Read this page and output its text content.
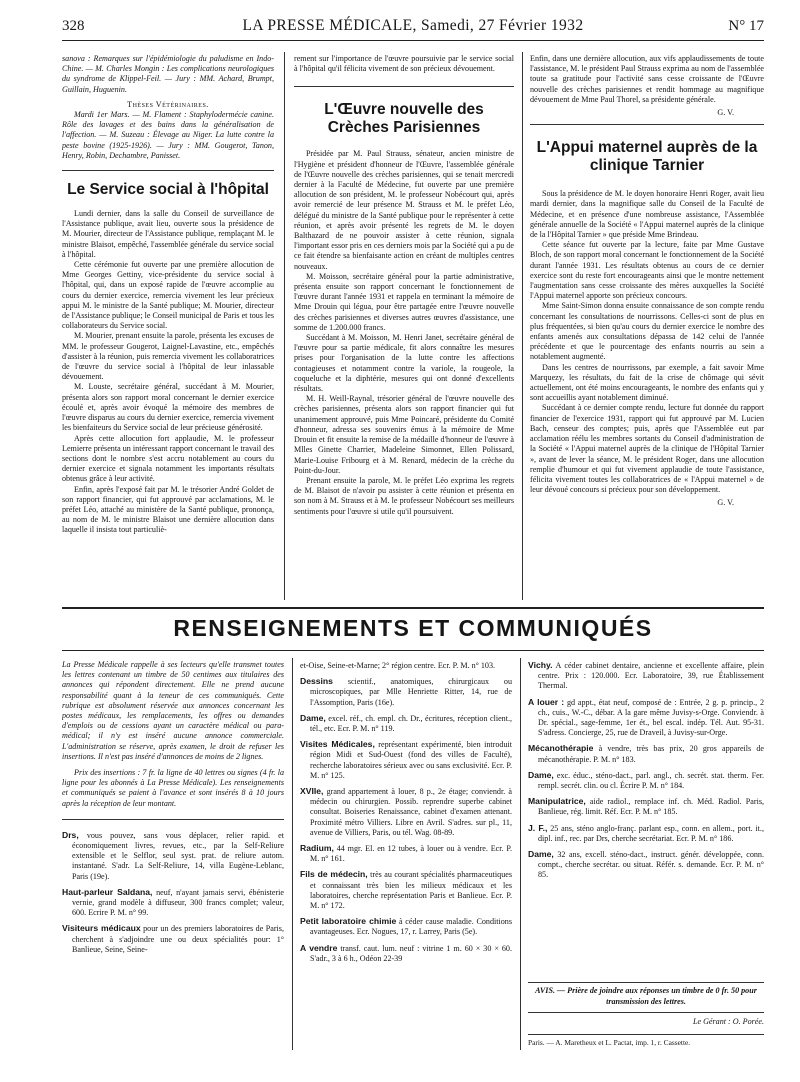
328	LA PRESSE MÉDICALE, Samedi, 27 Février 1932	N° 17

sanova : Remarques sur l'épidémiologie du paludisme en Indo-Chine. — M. Charles Mongin : Les complications neurologiques du syndrome de Klippel-Feil. — Jury : MM. Achard, Brumpt, Guillain, Huguenin.

Thèses Vétérinaires.

Mardi 1er Mars. — M. Flament : Staphylodermécie canine. Rôle des lavages et des bains dans la généralisation de l'affection. — M. Suzeau : Élevage au Niger. La lutte contre la peste bovine (1925-1926). — Jury : MM. Gougerot, Tanon, Henry, Robin, Dechambre, Panisset.

Le Service social à l'hôpital

Lundi dernier, dans la salle du Conseil de surveillance de l'Assistance publique, avait lieu, ouverte sous la présidence de M. Mourier, directeur de l'Assistance publique, remplaçant M. le ministre Blaisot, empêché, l'assemblée générale du service social à l'hôpital.

Cette cérémonie fut ouverte par une première allocution de Mme Georges Gettiny, vice-présidente du service social à l'hôpital, qui, dans un exposé rapide de l'œuvre accomplie au cours du dernier exercice, remercia vivement les leur précieux appui M. le ministre de la Santé publique; M. Mourier, directeur de l'Assistance publique; le Conseil municipal de Paris et tous les collaborateurs du Service social.

M. Mourier, prenant ensuite la parole, présenta les excuses de MM. le professeur Gougerot, Laignel-Lavastine, etc., empêchés d'assister à la réunion, puis remercia vivement les collaboratrices de l'œuvre du service social à l'hôpital de leur inlassable dévouement.

M. Louste, secrétaire général, succédant à M. Mourier, présenta alors son rapport moral concernant le dernier exercice écoulé et, après avoir évoqué la mémoire des membres de l'œuvre disparus au cours du dernier exercice, remercia vivement les bienfaiteurs du Service social de leur précieuse générosité.

Après cette allocution fort applaudie, M. le professeur Lemierre présenta un intéressant rapport concernant le travail des sections dont le nombre s'est accru notablement au cours du dernier exercice et signala notamment les importants résultats obtenus grâce à leur activité.

Enfin, après l'exposé fait par M. le trésorier André Goldet de son rapport financier, qui fut approuvé par acclamations, M. le préfet Léo, attaché au ministère de la Santé publique, prononça, au nom de M. le ministre Blaisot une dernière allocution dans laquelle il insista tout particuliè-

rement sur l'importance de l'œuvre poursuivie par le service social à l'hôpital qu'il félicita vivement de son précieux dévouement.

L'Œuvre nouvelle des Crèches Parisiennes

Présidée par M. Paul Strauss, sénateur, ancien ministre de l'Hygiène et président d'honneur de l'Œuvre, l'assemblée générale de l'Œuvre nouvelle des crèches parisiennes, qui se tenait mercredi dernier à la Faculté de Médecine, fut ouverte par une première allocution de son président, M. le professeur Nobécourt qui, après avoir remercié de leur présence M. Strauss et M. le préfet Léo, délégué du ministre de la Santé publique pour le représenter à cette réunion, et après avoir présenté les regrets de M. le doyen Balthazard de ne pouvoir assister à cette réunion, signala l'important essor pris en ces derniers mois par la Société qui a pu de ce fait étendre sa bienfaisante action en créant de multiples centres nouveaux.

M. Moisson, secrétaire général pour la partie administrative, présenta ensuite son rapport concernant le fonctionnement de l'œuvre durant l'année 1931 et rappela en terminant la mémoire de Mme Drouin qui légua, pour être partagée entre l'œuvre nouvelle des crèches parisiennes et diverses autres œuvres d'assistance, une somme de 1.200.000 francs.

Succédant à M. Moisson, M. Henri Janet, secrétaire général de l'œuvre pour sa partie médicale, fit alors connaître les mesures prises pour l'organisation de la lutte contre les affections contagieuses et notamment contre la variole, la rougeole, la coqueluche et la diphtérie, mesures qui ont donné d'excellents résultats.

M. H. Weill-Raynal, trésorier général de l'œuvre nouvelle des crèches parisiennes, présenta alors son rapport financier qui fut unanimement approuvé, puis Mme Poincaré, présidente du Comité d'honneur, adressa ses souvenirs émus à la mémoire de Mme Drouin et fit ensuite la remise de la médaille d'honneur de l'œuvre à Mlles Ginette Charrier, Madeleine Simonnet, Ellen Polissard, Marie-Louise Fribourg et à M. Renard, médecin de la crèche du Point-du-Jour.

Prenant ensuite la parole, M. le préfet Léo exprima les regrets de M. Blaisot de n'avoir pu assister à cette réunion et présenta en son nom à M. Strauss et à M. le professeur Nobécourt ses meilleurs sentiments pour l'œuvre si utile qu'il poursuivent.

Enfin, dans une dernière allocution, aux vifs applaudissements de toute l'assistance, M. le président Paul Strauss exprima au nom de l'assemblée toute sa gratitude pour l'activité sans cesse croissante de l'Œuvre nouvelle des crèches parisiennes et rendit hommage au magnifique dévouement de Mme Paul Thorel, sa présidente générale.

G. V.

L'Appui maternel auprès de la clinique Tarnier

Sous la présidence de M. le doyen honoraire Henri Roger, avait lieu mardi dernier, dans la magnifique salle du Conseil de la Faculté de Médecine, et en présence d'une nombreuse assistance, l'Assemblée générale annuelle de la Société « l'Appui maternel auprès de la clinique de la l'Hôpital Tarnier » que préside Mme Brindeau.

Cette séance fut ouverte par la lecture, faite par Mme Gustave Bloch, de son rapport moral concernant le fonctionnement de la Société durant l'année 1931. Les résultats obtenus au cours de ce dernier exercice sont du reste fort encourageants ainsi que le montre nettement l'augmentation sans cesse croissante des mères auxquelles la Société l'Appui maternel apporte son précieux concours.

Mme Saint-Simon donna ensuite connaissance de son compte rendu concernant les consultations de nourrissons. Celles-ci sont de plus en plus fréquentées, si bien qu'au cours du dernier exercice le nombre des enfants amenés aux consultations dépassa de 142 celui de l'année précédente et que le pourcentage des enfants nourris au sein a notablement augmenté.

Dans les centres de nourrissons, par exemple, a fait savoir Mme Marquezy, les résultats, du fait de la crise de chômage qui sévit actuellement, ont été moins encourageants, le nombre des enfants qui y sont accueillis ayant notablement diminué.

Succédant à ce dernier compte rendu, lecture fut donnée du rapport financier de l'exercice 1931, rapport qui fut approuvé par M. Lucien Bach, censeur des comptes; puis, après que l'Assemblée eut par acclamation réélu les membres sortants du Conseil d'administration de la Société « l'Appui maternel auprès de la clinique de l'Hôpital Tarnier », avant de lever la séance, M. le président Roger, dans une allocution remplie d'humour et qui fut vivement applaudie de toute l'assistance, félicita vivement toutes les collaboratrices de « l'Appui maternel » de leur dévoué concours si précieux pour son développement.

G. V.

RENSEIGNEMENTS ET COMMUNIQUÉS

La Presse Médicale rappelle à ses lecteurs qu'elle transmet toutes les lettres contenant un timbre de 50 centimes aux titulaires des annonces qui répondent directement. Elle ne prend aucune responsabilité quant à la teneur de ces communiqués. Cette rubrique est absolument réservée aux annonces concernant les postes médicaux, les remplacements, les offres ou demandes d'emplois ou de cessions ayant un caractère médical ou para-médical; il n'y est inséré aucune annonce commerciale. L'administration se réserve, après examen, le droit de refuser les insertions. Il n'est pas inséré d'annonces de moins de 2 lignes.

Prix des insertions : 7 fr. la ligne de 40 lettres ou signes (4 fr. la ligne pour les abonnés à La Presse Médicale). Les renseignements et communiqués se paient à l'avance et sont insérés 8 à 10 jours après la réception de leur montant.

Drs, vous pouvez, sans vous déplacer, relier rapid. et économiquement livres, revues, etc., par la Self-Reliure extensible et le Selflor, seul syst. prat. de reliure autom. instantané. S'adr. La Self-Reliure, 14, villa Eugène-Leblanc, Paris (19e).

Haut-parleur Saldana, neuf, n'ayant jamais servi, ébénisterie vernie, grand modèle à diffuseur, 300 francs complet; valeur, 600. Ecrire P. M. n° 99.

Visiteurs médicaux pour un des premiers laboratoires de Paris, cherchent à s'adjoindre une ou deux spécialités pour: 1° Banlieue, Seine, Seine-

et-Oise, Seine-et-Marne; 2° région centre. Ecr. P. M. n° 103.

Dessins scientif., anatomiques, chirurgicaux ou microscopiques, par Mlle Henriette Ritter, 14, rue de l'Assomption, Paris (16e).

Dame, excel. réf., ch. empl. ch. Dr., écritures, réception client., tél., etc. Ecr. P. M. n° 119.

Visites Médicales, représentant expérimenté, bien introduit région Midi et Sud-Ouest (fond des villes de Faculté), recherche laboratoires sérieux avec ou sans exclusivité. Ecr. P. M. n° 125.

XVIIe, grand appartement à louer, 8 p., 2e étage; conviendr. à médecin ou chirurgien. Possib. reprendre superbe cabinet consultat. Boiseries Renaissance, cabinet d'examen attenant. Proximité métro Villiers. Libre en Avril. S'adres. sur pl., 11, avenue de Villiers, Paris, ou tél. Wag. 08-89.

Radium, 44 mgr. El. en 12 tubes, à louer ou à vendre. Ecr. P. M. n° 161.

Fils de médecin, très au courant spécialités pharmaceutiques et connaissant très bien les milieux médicaux et les laboratoires, cherche représentation Paris et Banlieue. Ecr. P. M. n° 172.

Petit laboratoire chimie à céder cause maladie. Conditions avantageuses. Ecr. Nogues, 17, r. Larrey, Paris (5e).

A vendre transf. caut. lum. neuf : vitrine 1 m. 60 × 30 × 60. S'adr., 3 à 6 h., Odéon 22-39

Vichy. A céder cabinet dentaire, ancienne et excellente affaire, plein centre. Prix : 120.000. Ecr. Laboratoire, 39, rue Établissement Thermal.

A louer : gd appt., état neuf, composé de : Entrée, 2 g. p. princip., 2 ch., cuis., W.-C., débar. A la gare même Juvisy-s-Orge. Conviendr. à Dr. spécial., sage-femme, 1er ét., bel escal. indép. Tél. Aut. 95-31. S'adress. Concierge, 25, rue de Draveil, à Juvisy-sur-Orge.

Mécanothérapie à vendre, très bas prix, 20 gros appareils de mécanothérapie. P. M. n° 183.

Dame, exc. éduc., sténo-dact., parl. angl., ch. secrét. stat. therm. Fer. rempl. secrét. clin. ou cl. Écrire P. M. n° 184.

Manipulatrice, aide radiol., remplace inf. ch. Méd. Radiol. Paris, Banlieue, rég. limit. Réf. Ecr. P. M. n° 185.

J. F., 25 ans, sténo anglo-franç. parlant esp., conn. en allem., port. it., dipl. inf., rec. par Drs, cherche secrétariat. Ecr. P. M. n° 186.

Dame, 32 ans, excell. sténo-dact., instruct. génér. développée, conn. compt., cherche secrétar. ou situat. Référ. s. demande. Ecr. P. M. n° 85.

AVIS. — Prière de joindre aux réponses un timbre de 0 fr. 50 pour transmission des lettres.
Le Gérant : O. Porée.
Paris. — A. Maretheux et L. Pactat, imp. 1, r. Cassette.
